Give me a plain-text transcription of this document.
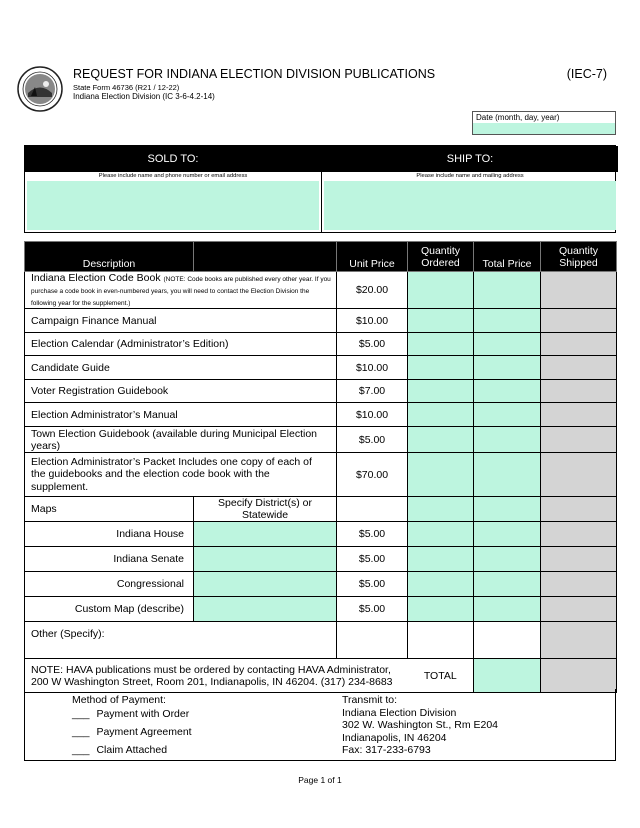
REQUEST FOR INDIANA ELECTION DIVISION PUBLICATIONS
State Form 46736 (R21 / 12-22)
Indiana Election Division (IC 3-6-4.2-14)
(IEC-7)
Date (month, day, year)
SOLD TO:
Please include name and phone number or email address
SHIP TO:
Please include name and mailing address
Description		Unit Price	Quantity Ordered	Total Price	Quantity Shipped
Indiana Election Code Book (NOTE: Code books are published every other year. If you purchase a code book in even-numbered years, you will need to contact the Election Division the following year for the supplement.)		$20.00			
Campaign Finance Manual		$10.00			
Election Calendar (Administrator’s Edition)		$5.00			
Candidate Guide		$10.00			
Voter Registration Guidebook		$7.00			
Election Administrator’s Manual		$10.00			
Town Election Guidebook (available during Municipal Election years)		$5.00			
Election Administrator’s Packet Includes one copy of each of the guidebooks and the election code book with the supplement.		$70.00			
Maps	Specify District(s) or Statewide				
Indiana House		$5.00			
Indiana Senate		$5.00			
Congressional		$5.00			
Custom Map (describe)		$5.00			
Other (Specify):					
NOTE: HAVA publications must be ordered by contacting HAVA Administrator, 200 W Washington Street, Room 201, Indianapolis, IN 46204. (317) 234-8683			TOTAL		
Method of Payment:
___ Payment with Order
___ Payment Agreement
___ Claim Attached
Transmit to:
Indiana Election Division
302 W. Washington St., Rm E204
Indianapolis, IN 46204
Fax: 317-233-6793
Page 1 of 1
